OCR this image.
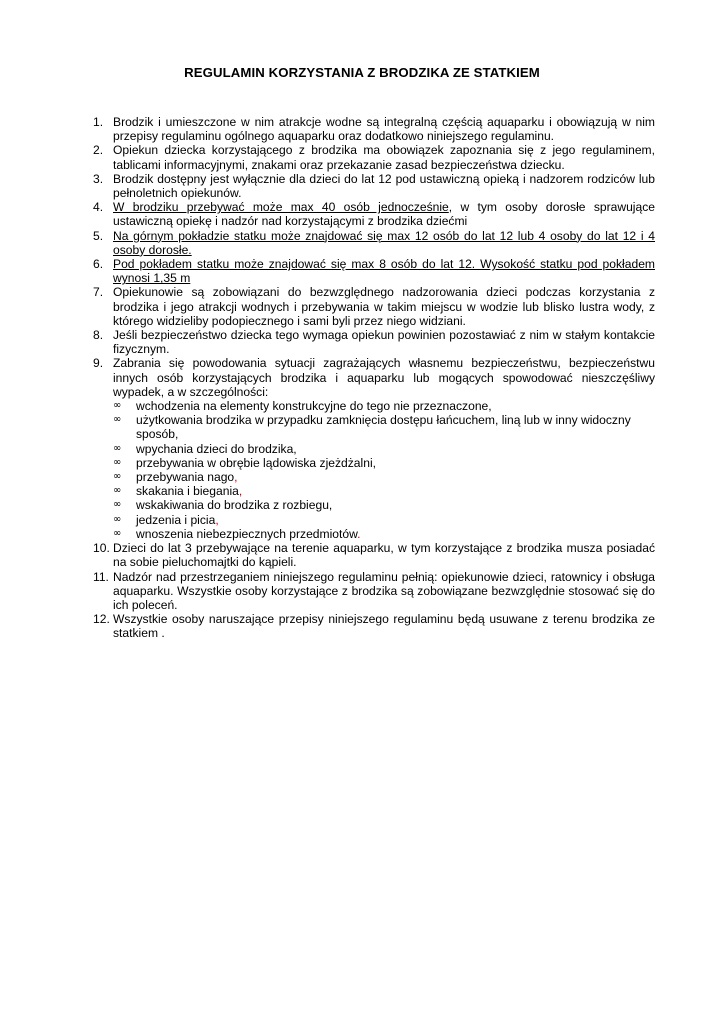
REGULAMIN KORZYSTANIA Z BRODZIKA ZE STATKIEM
1. Brodzik i umieszczone w nim atrakcje wodne są integralną częścią aquaparku i obowiązują w nim przepisy regulaminu ogólnego aquaparku oraz dodatkowo niniejszego regulaminu.
2. Opiekun dziecka korzystającego z brodzika ma obowiązek zapoznania się z jego regulaminem, tablicami informacyjnymi, znakami oraz przekazanie zasad bezpieczeństwa dziecku.
3. Brodzik dostępny jest wyłącznie dla dzieci do lat 12 pod ustawiczną opieką i nadzorem rodziców lub pełnoletnich opiekunów.
4. W brodziku przebywać może max 40 osób jednocześnie, w tym osoby dorosłe sprawujące ustawiczną opiekę i nadzór nad korzystającymi z brodzika dziećmi
5. Na górnym pokładzie statku może znajdować się max 12 osób do lat 12 lub 4 osoby do lat 12 i 4 osoby dorosłe.
6. Pod pokładem statku może znajdować się max 8 osób do lat 12. Wysokość statku pod pokładem wynosi 1,35 m
7. Opiekunowie są zobowiązani do bezwzględnego nadzorowania dzieci podczas korzystania z brodzika i jego atrakcji wodnych i przebywania w takim miejscu w wodzie lub blisko lustra wody, z którego widzieliby podopiecznego i sami byli przez niego widziani.
8. Jeśli bezpieczeństwo dziecka tego wymaga opiekun powinien pozostawiać z nim w stałym kontakcie fizycznym.
9. Zabrania się powodowania sytuacji zagrażających własnemu bezpieczeństwu, bezpieczeństwu innych osób korzystających brodzika i aquaparku lub mogących spowodować nieszczęśliwy wypadek, a w szczególności:
∞ wchodzenia na elementy konstrukcyjne do tego nie przeznaczone,
∞ użytkowania brodzika w przypadku zamknięcia dostępu łańcuchem, liną lub w inny widoczny sposób,
∞ wpychania dzieci do brodzika,
∞ przebywania w obrębie lądowiska zjeżdżalni,
∞ przebywania nago,
∞ skakania i biegania,
∞ wskakiwania do brodzika z rozbiegu,
∞ jedzenia i picia,
∞ wnoszenia niebezpiecznych przedmiotów.
10. Dzieci do lat 3 przebywające na terenie aquaparku, w tym korzystające z brodzika musza posiadać na sobie pieluchomajtki do kąpieli.
11. Nadzór nad przestrzeganiem niniejszego regulaminu pełnią: opiekunowie dzieci, ratownicy i obsługa aquaparku. Wszystkie osoby korzystające z brodzika są zobowiązane bezwzględnie stosować się do ich poleceń.
12. Wszystkie osoby naruszające przepisy niniejszego regulaminu będą usuwane z terenu brodzika ze statkiem .
